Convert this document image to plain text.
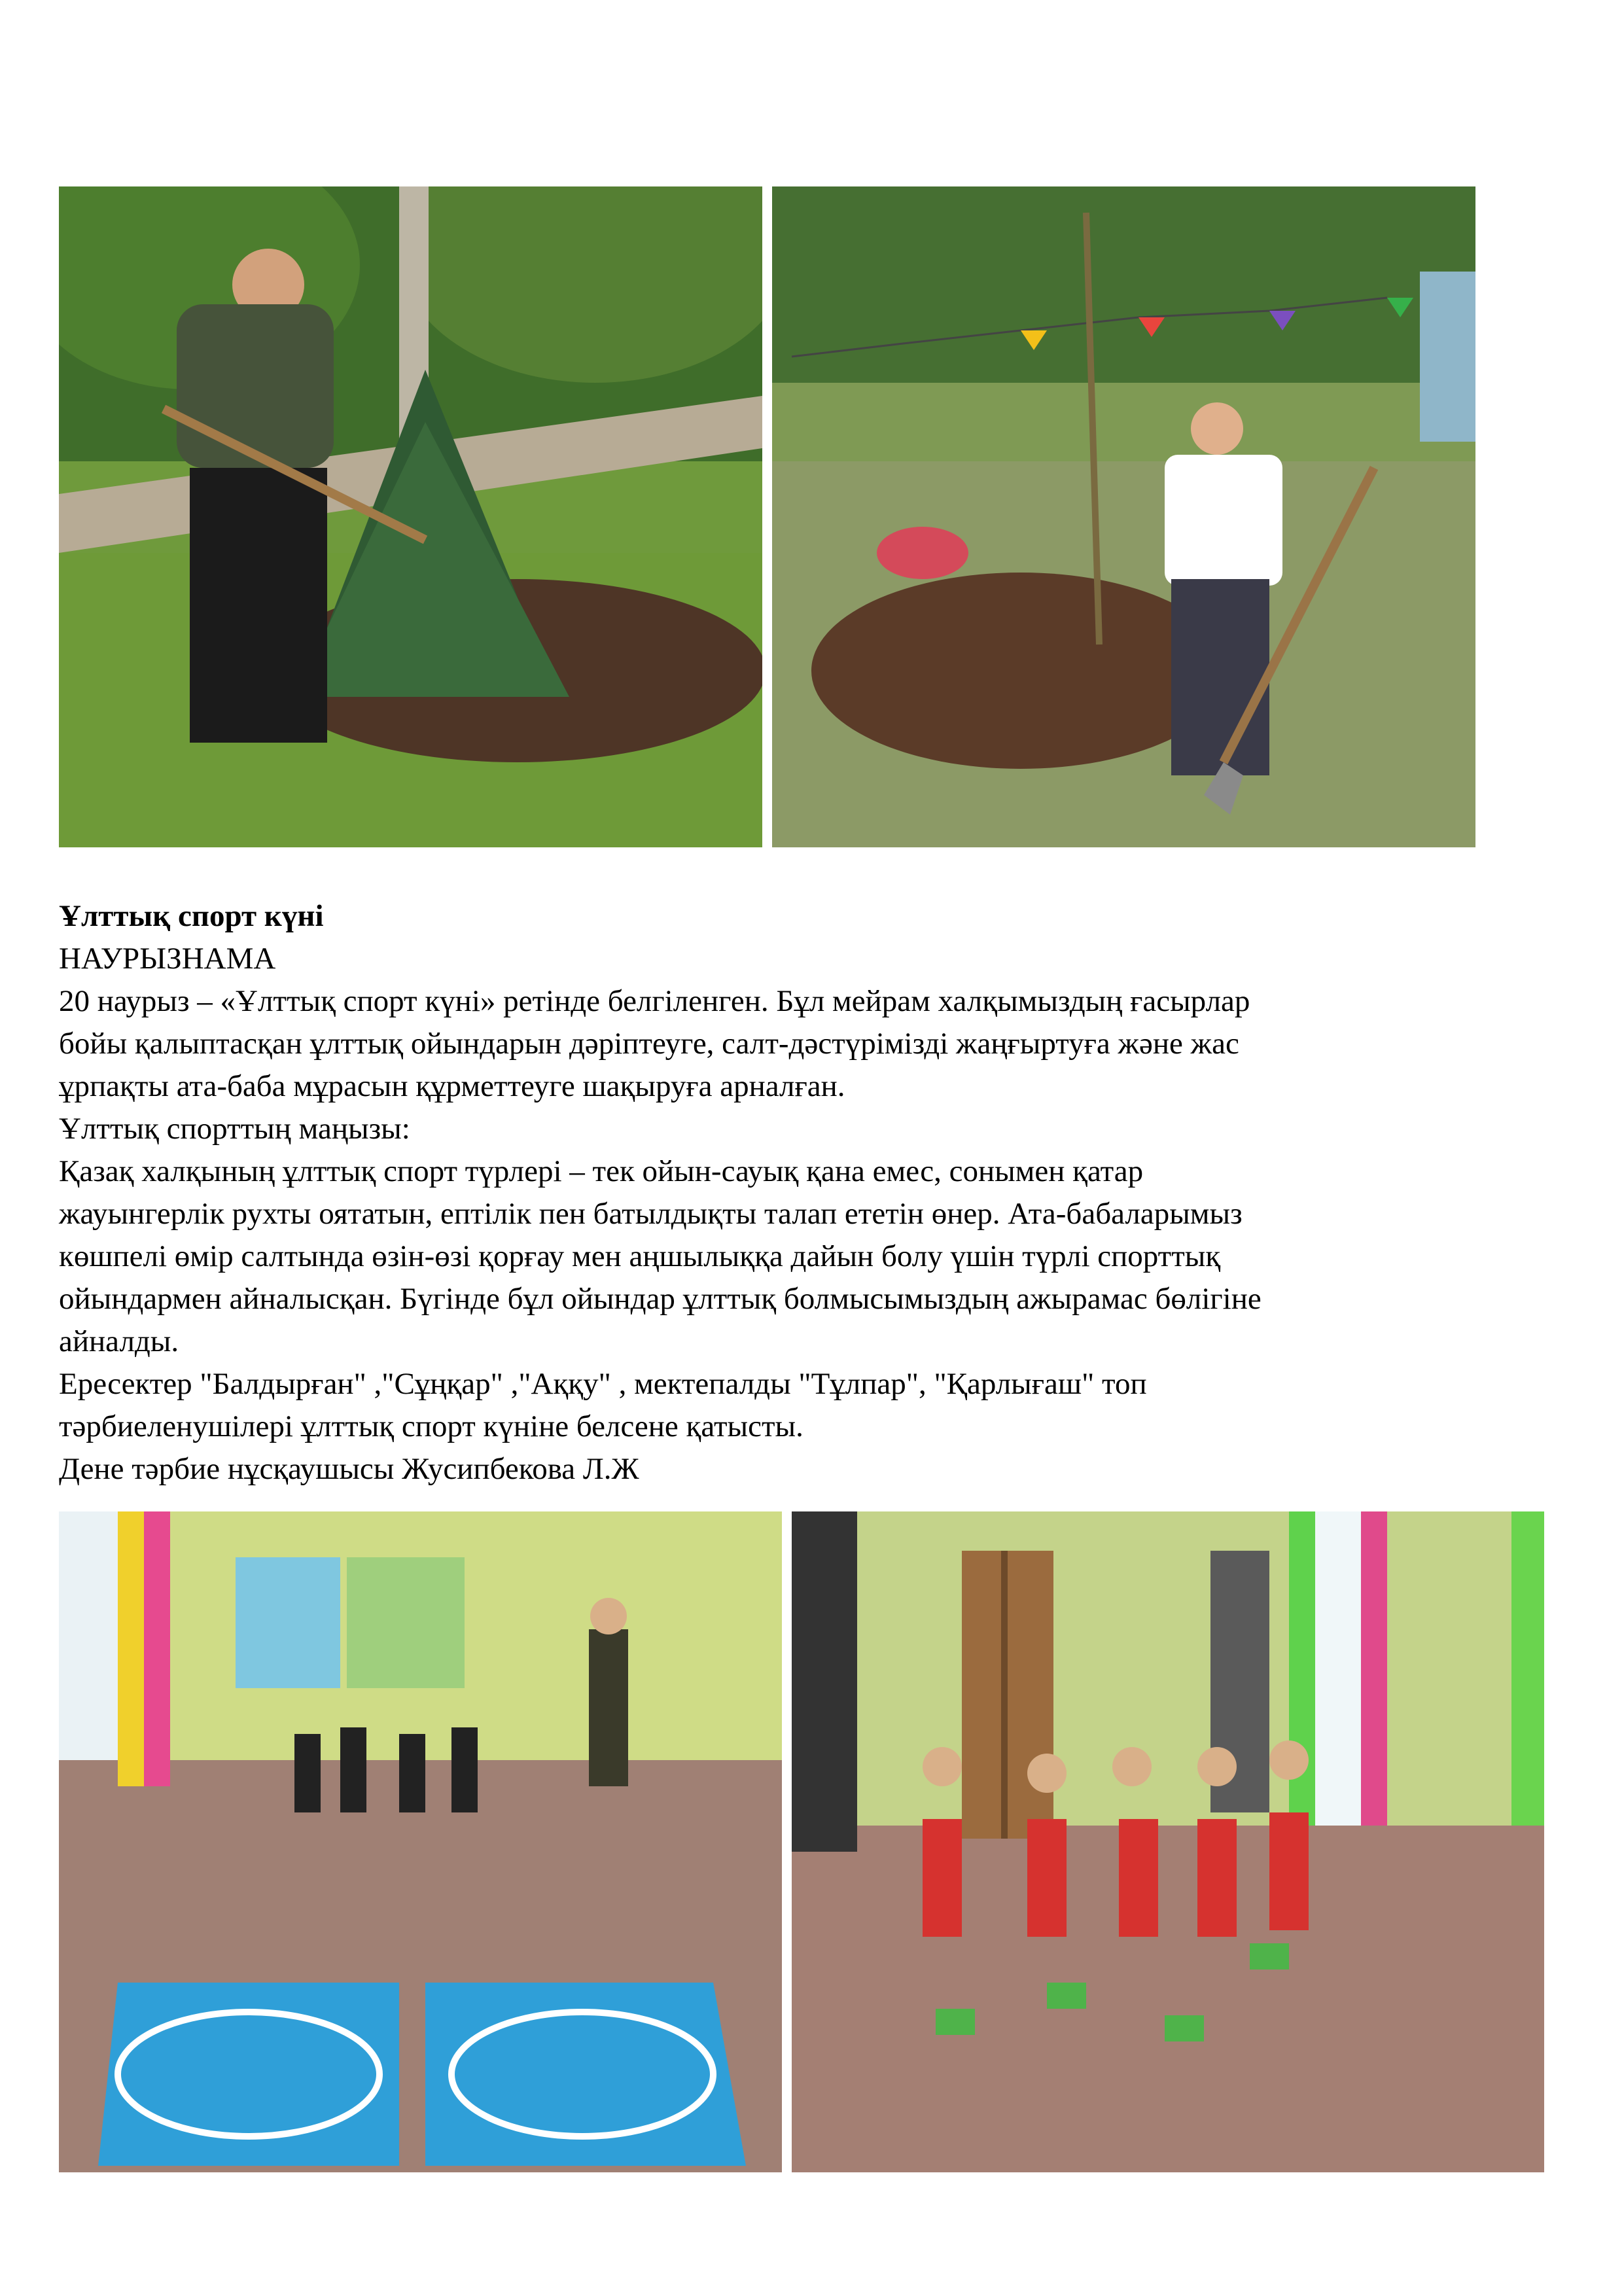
Ұлттық спорт күні
НАУРЫЗНАМА
20 наурыз – «Ұлттық спорт күні» ретінде белгіленген. Бұл мейрам халқымыздың ғасырлар
бойы қалыптасқан ұлттық ойындарын дәріптеуге, салт-дәстүрімізді жаңғыртуға және жас
ұрпақты ата-баба мұрасын құрметтеуге шақыруға арналған.
Ұлттық спорттың маңызы:
Қазақ халқының ұлттық спорт түрлері – тек ойын-сауық қана емес, сонымен қатар
жауынгерлік рухты оятатын, ептілік пен батылдықты талап ететін өнер. Ата-бабаларымыз
көшпелі өмір салтында өзін-өзі қорғау мен аңшылыққа дайын болу үшін түрлі спорттық
ойындармен айналысқан. Бүгінде бұл ойындар ұлттық болмысымыздың ажырамас бөлігіне
айналды.
Ересектер "Балдырған" ,"Сұңқар" ,"Аққу" , мектепалды "Тұлпар", "Қарлығаш" топ
тәрбиеленушілері ұлттық спорт күніне белсене қатысты.
Дене тәрбие нұсқаушысы Жусипбекова Л.Ж
